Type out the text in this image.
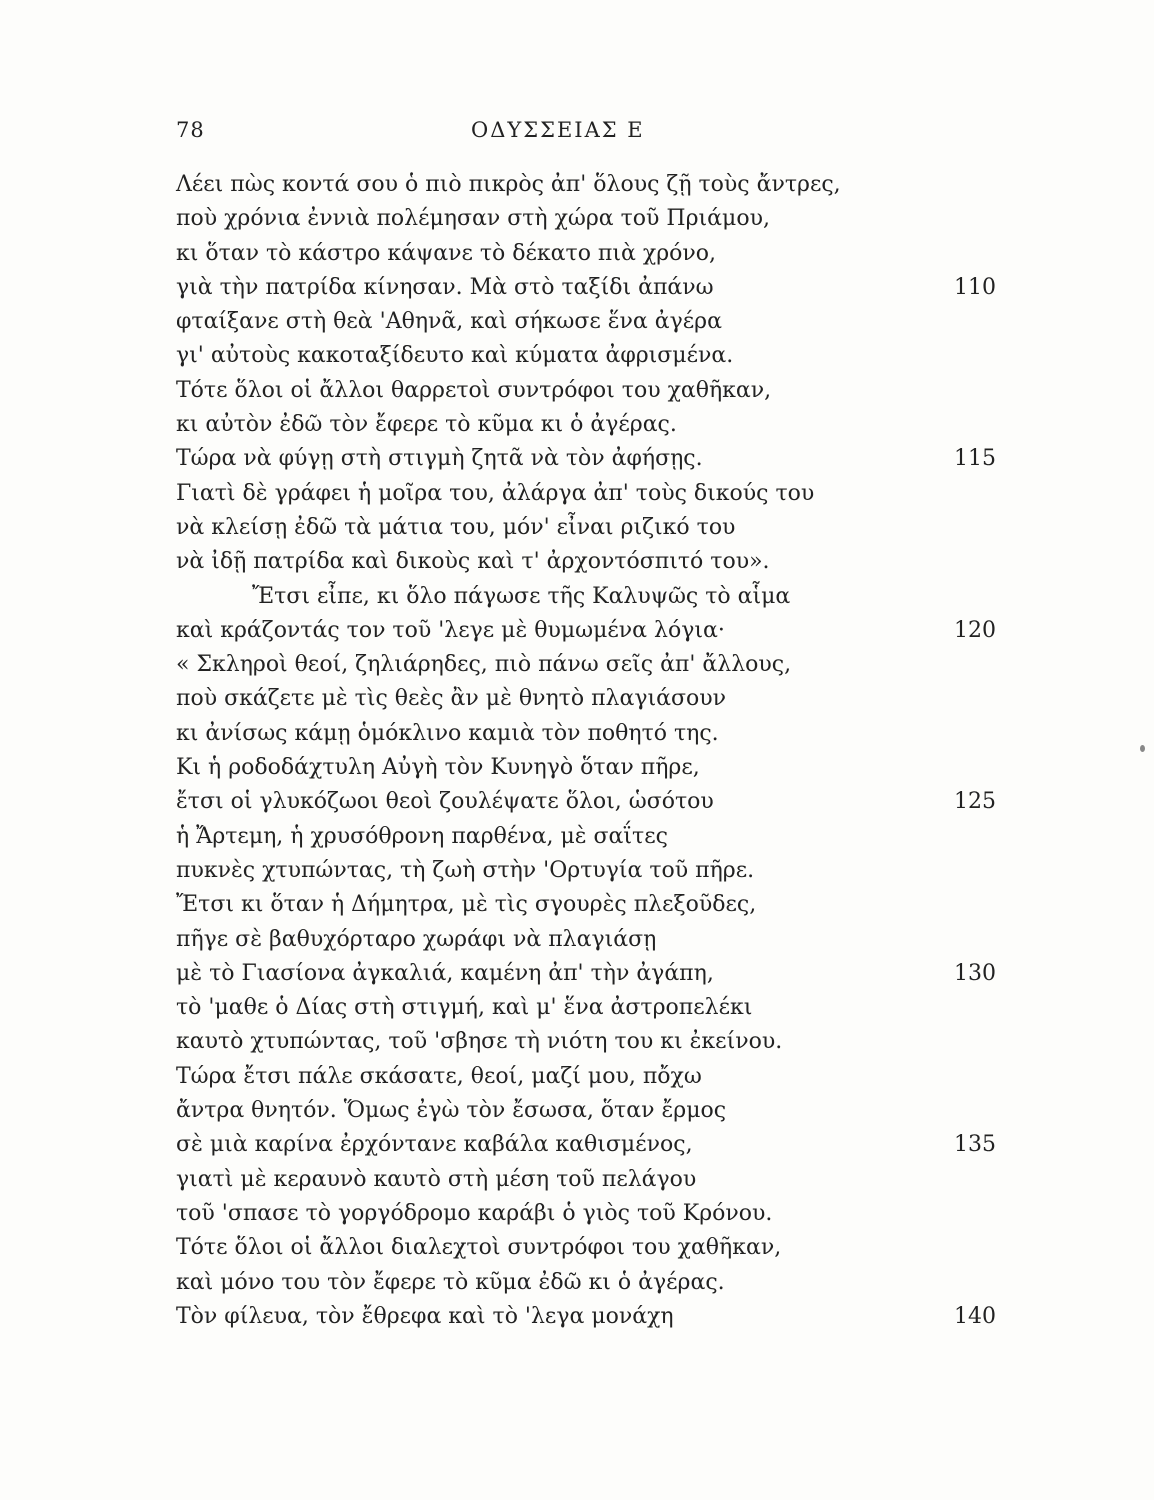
78	ΟΔΥΣΣΕΙΑΣ Ε
Λέει πὼς κοντά σου ὁ πιὸ πικρὸς ἀπ' ὅλους ζῇ τοὺς ἄντρες,
ποὺ χρόνια ἐννιὰ πολέμησαν στὴ χώρα τοῦ Πριάμου,
κι ὅταν τὸ κάστρο κάψανε τὸ δέκατο πιὰ χρόνο,
γιὰ τὴν πατρίδα κίνησαν. Μὰ στὸ ταξίδι ἀπάνω	110
φταίξανε στὴ θεὰ 'Αθηνᾶ, καὶ σήκωσε ἕνα ἀγέρα
γι' αὐτοὺς κακοταξίδευτο καὶ κύματα ἀφρισμένα.
Τότε ὅλοι οἱ ἄλλοι θαρρετοὶ συντρόφοι του χαθῆκαν,
κι αὐτὸν ἐδῶ τὸν ἔφερε τὸ κῦμα κι ὁ ἀγέρας.
Τώρα νὰ φύγῃ στὴ στιγμὴ ζητᾶ νὰ τὸν ἀφήσῃς.	115
Γιατὶ δὲ γράφει ἡ μοῖρα του, ἀλάργα ἀπ' τοὺς δικούς του
νὰ κλείσῃ ἐδῶ τὰ μάτια του, μόν' εἶναι ριζικό του
νὰ ἰδῇ πατρίδα καὶ δικοὺς καὶ τ' ἀρχοντόσπιτό του».
Ἔτσι εἶπε, κι ὅλο πάγωσε τῆς Καλυψῶς τὸ αἷμα
καὶ κράζοντάς τον τοῦ 'λεγε μὲ θυμωμένα λόγια·	120
« Σκληροὶ θεοί, ζηλιάρηδες, πιὸ πάνω σεῖς ἀπ' ἄλλους,
ποὺ σκάζετε μὲ τὶς θεὲς ἂν μὲ θνητὸ πλαγιάσουν
κι ἀνίσως κάμῃ ὁμόκλινο καμιὰ τὸν ποθητό της.
Κι ἡ ροδοδάχτυλη Αὐγὴ τὸν Κυνηγὸ ὅταν πῆρε,
ἔτσι οἱ γλυκόζωοι θεοὶ ζουλέψατε ὅλοι, ὡσότου	125
ἡ Ἄρτεμη, ἡ χρυσόθρονη παρθένα, μὲ σαΐτες
πυκνὲς χτυπώντας, τὴ ζωὴ στὴν 'Ορτυγία τοῦ πῆρε.
Ἔτσι κι ὅταν ἡ Δήμητρα, μὲ τὶς σγουρὲς πλεξοῦδες,
πῆγε σὲ βαθυχόρταρο χωράφι νὰ πλαγιάσῃ
μὲ τὸ Γιασίονα ἀγκαλιά, καμένη ἀπ' τὴν ἀγάπη,	130
τὸ 'μαθε ὁ Δίας στὴ στιγμή, καὶ μ' ἕνα ἀστροπελέκι
καυτὸ χτυπώντας, τοῦ 'σβησε τὴ νιότη του κι ἐκείνου.
Τώρα ἔτσι πάλε σκάσατε, θεοί, μαζί μου, πὄχω
ἄντρα θνητόν. Ὅμως ἐγὼ τὸν ἔσωσα, ὅταν ἔρμος
σὲ μιὰ καρίνα ἐρχόντανε καβάλα καθισμένος,	135
γιατὶ μὲ κεραυνὸ καυτὸ στὴ μέση τοῦ πελάγου
τοῦ 'σπασε τὸ γοργόδρομο καράβι ὁ γιὸς τοῦ Κρόνου.
Τότε ὅλοι οἱ ἄλλοι διαλεχτοὶ συντρόφοι του χαθῆκαν,
καὶ μόνο του τὸν ἔφερε τὸ κῦμα ἐδῶ κι ὁ ἀγέρας.
Τὸν φίλευα, τὸν ἔθρεφα καὶ τὸ 'λεγα μονάχη	140
